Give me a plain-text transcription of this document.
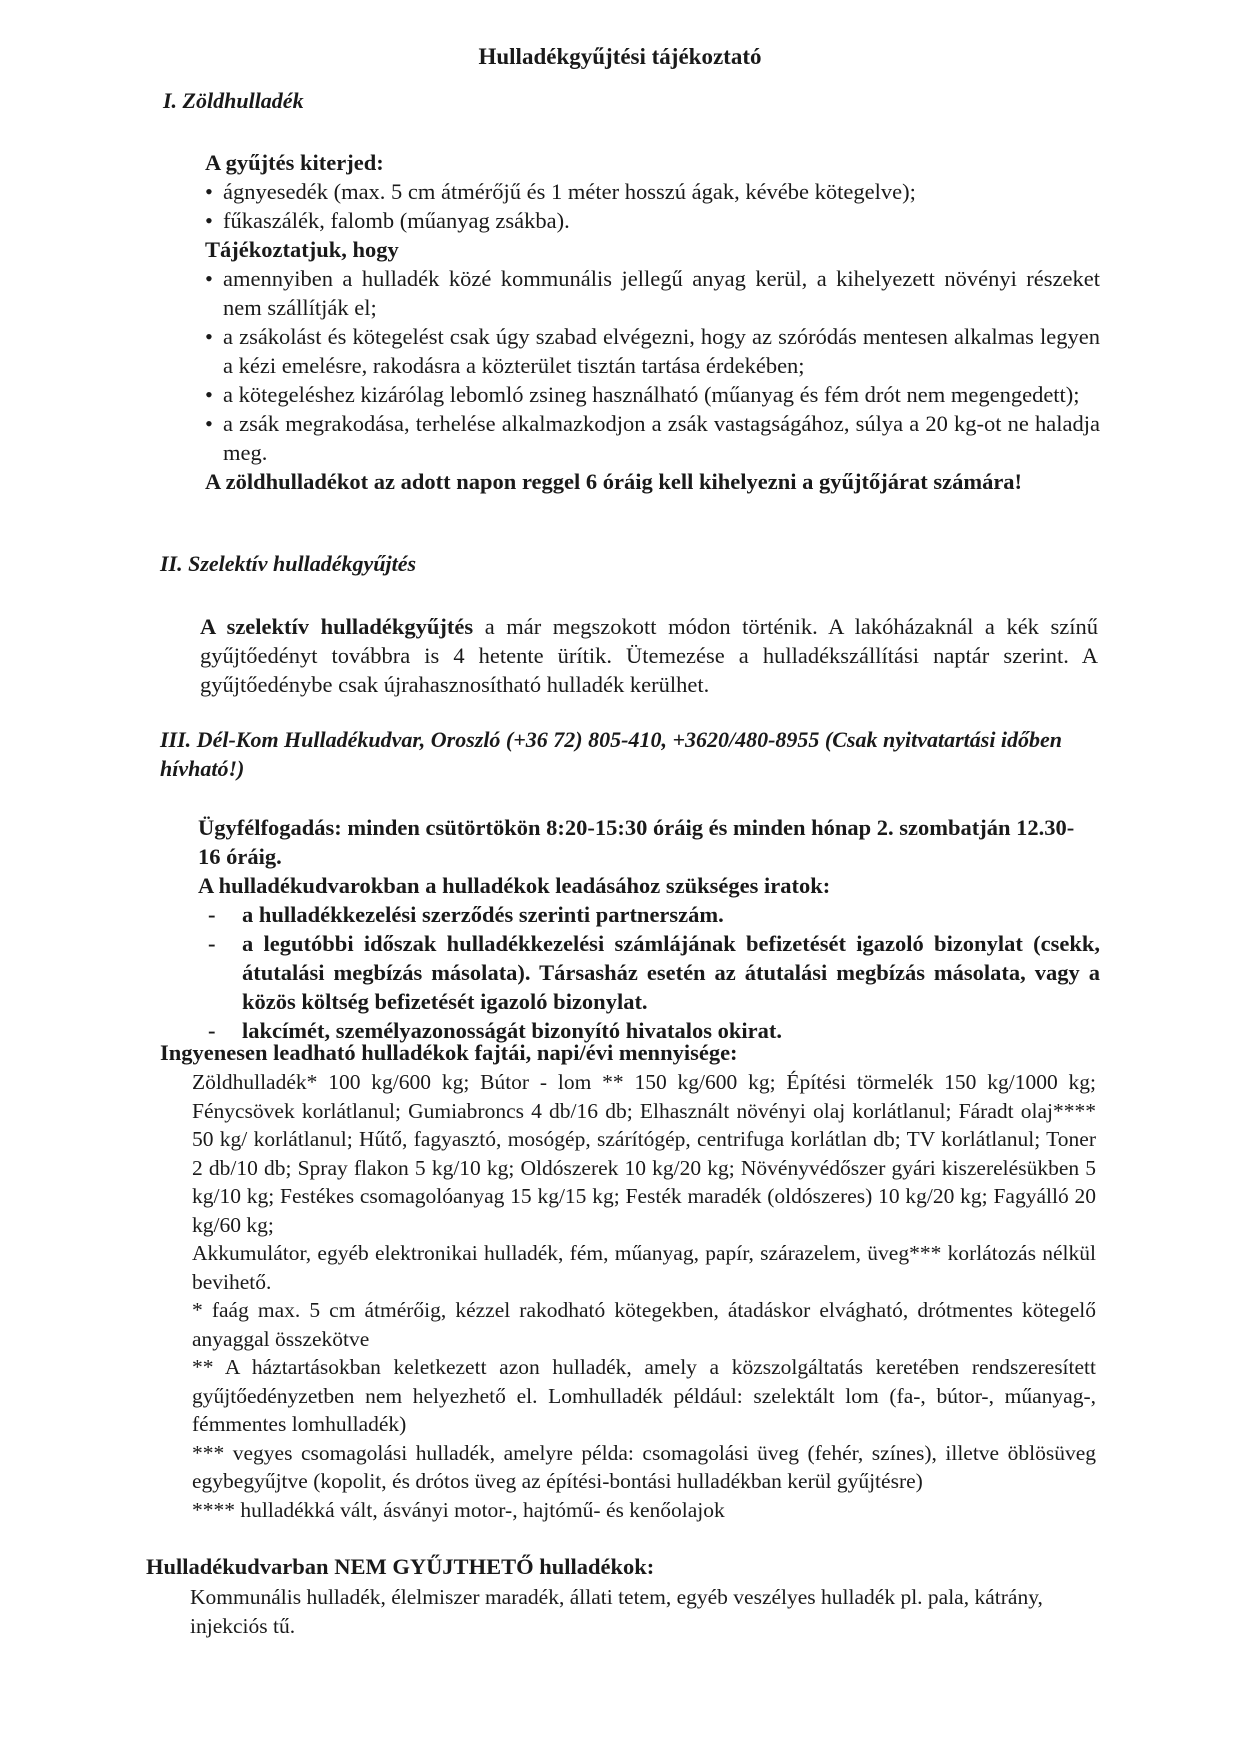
Hulladékgyűjtési tájékoztató
I. Zöldhulladék

A gyűjtés kiterjed:

• ágnyesedék (max. 5 cm átmérőjű és 1 méter hosszú ágak, kévébe kötegelve);
• fűkaszálék, falomb (műanyag zsákba).

Tájékoztatjuk, hogy

• amennyiben a hulladék közé kommunális jellegű anyag kerül, a kihelyezett növényi részeket nem szállítják el;
• a zsákolást és kötegelést csak úgy szabad elvégezni, hogy az szóródás mentesen alkalmas legyen a kézi emelésre, rakodásra a közterület tisztán tartása érdekében;
• a kötegeléshez kizárólag lebomló zsineg használható (műanyag és fém drót nem megengedett);
• a zsák megrakodása, terhelése alkalmazkodjon a zsák vastagságához, súlya a 20 kg-ot ne haladja meg.

A zöldhulladékot az adott napon reggel 6 óráig kell kihelyezni a gyűjtőjárat számára!

II. Szelektív hulladékgyűjtés
A szelektív hulladékgyűjtés a már megszokott módon történik. A lakóházaknál a kék színű gyűjtőedényt továbbra is 4 hetente ürítik. Ütemezése a hulladékszállítási naptár szerint. A gyűjtőedénybe csak újrahasznosítható hulladék kerülhet.
III. Dél-Kom Hulladékudvar, Oroszló (+36 72) 805-410, +3620/480-8955 (Csak nyitvatartási időben hívható!)

Ügyfélfogadás: minden csütörtökön 8:20-15:30 óráig és minden hónap 2. szombatján 12.30- 16 óráig.

A hulladékudvarokban a hulladékok leadásához szükséges iratok:

- a hulladékkezelési szerződés szerinti partnerszám.
- a legutóbbi időszak hulladékkezelési számlájának befizetését igazoló bizonylat (csekk, átutalási megbízás másolata). Társasház esetén az átutalási megbízás másolata, vagy a közös költség befizetését igazoló bizonylat.
- lakcímét, személyazonosságát bizonyító hivatalos okirat.
Ingyenesen leadható hulladékok fajtái, napi/évi mennyisége:

Zöldhulladék* 100 kg/600 kg; Bútor - lom ** 150 kg/600 kg; Építési törmelék 150 kg/1000 kg; Fénycsövek korlátlanul; Gumiabroncs 4 db/16 db; Elhasznált növényi olaj korlátlanul; Fáradt olaj**** 50 kg/ korlátlanul; Hűtő, fagyasztó, mosógép, szárítógép, centrifuga korlátlan db; TV korlátlanul; Toner 2 db/10 db; Spray flakon 5 kg/10 kg; Oldószerek 10 kg/20 kg; Növényvédőszer gyári kiszerelésükben 5 kg/10 kg; Festékes csomagolóanyag 15 kg/15 kg; Festék maradék (oldószeres) 10 kg/20 kg; Fagyálló 20 kg/60 kg;

Akkumulátor, egyéb elektronikai hulladék, fém, műanyag, papír, szárazelem, üveg*** korlátozás nélkül bevihető.

* faág max. 5 cm átmérőig, kézzel rakodható kötegekben, átadáskor elvágható, drótmentes kötegelő anyaggal összekötve

** A háztartásokban keletkezett azon hulladék, amely a közszolgáltatás keretében rendszeresített gyűjtőedényzetben nem helyezhető el. Lomhulladék például: szelektált lom (fa-, bútor-, műanyag-, fémmentes lomhulladék)

*** vegyes csomagolási hulladék, amelyre példa: csomagolási üveg (fehér, színes), illetve öblösüveg egybegyűjtve (kopolit, és drótos üveg az építési-bontási hulladékban kerül gyűjtésre)

**** hulladékká vált, ásványi motor-, hajtómű- és kenőolajok

Hulladékudvarban NEM GYŰJTHETŐ hulladékok:
Kommunális hulladék, élelmiszer maradék, állati tetem, egyéb veszélyes hulladék pl. pala, kátrány, injekciós tű.
